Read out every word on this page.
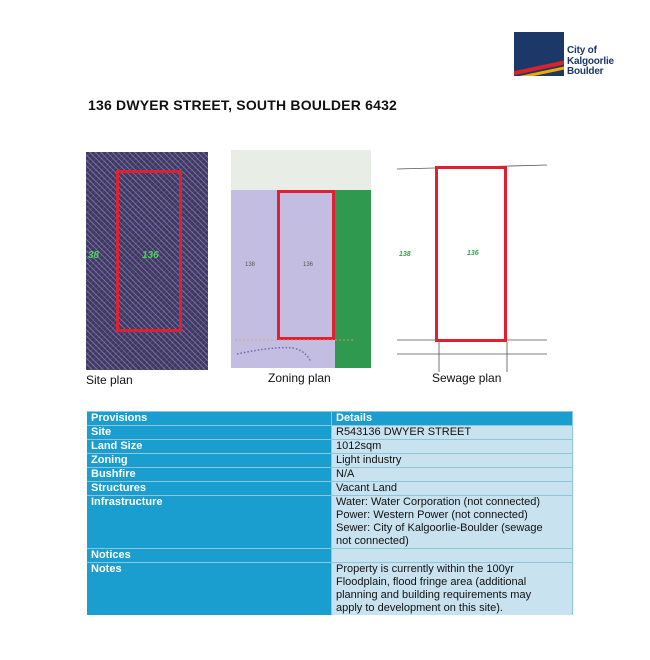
City of
Kalgoorlie
Boulder
136 DWYER STREET, SOUTH BOULDER 6432
38	136
Site plan
138	136
Zoning plan
138	136
Sewage plan
Provisions	Details
Site	R543136 DWYER STREET

Land Size	1012sqm

Zoning	Light industry

Bushfire	N/A

Structures	Vacant Land

Infrastructure	Water: Water Corporation (not connected)
Power: Western Power (not connected)
Sewer: City of Kalgoorlie-Boulder (sewage
not connected)

Notices	

Notes	Property is currently within the 100yr
Floodplain, flood fringe area (additional
planning and building requirements may
apply to development on this site).
